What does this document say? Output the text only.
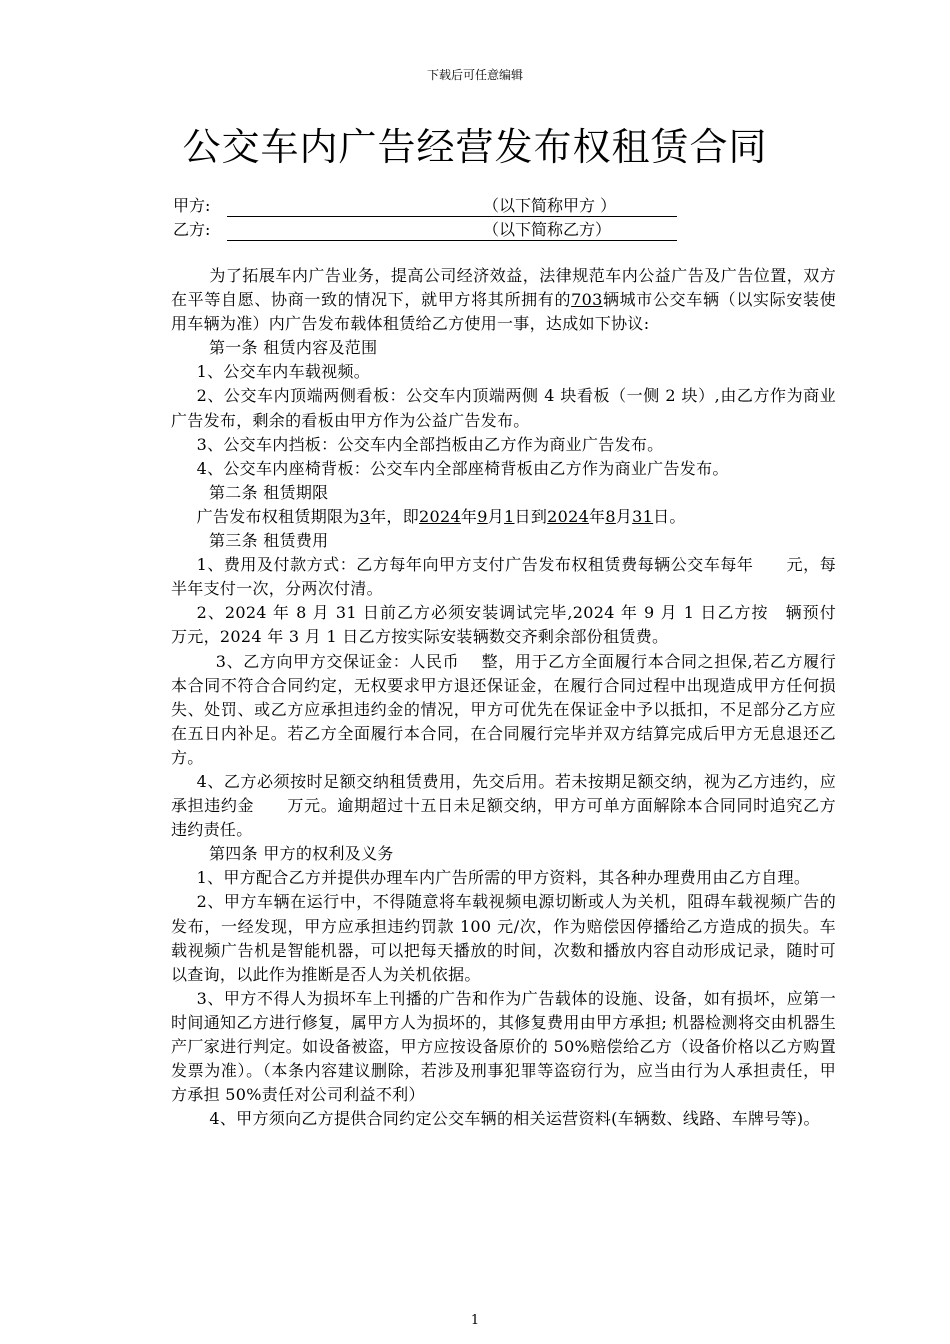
下载后可任意编辑
公交车内广告经营发布权租赁合同
甲方:	（以下简称甲方 ）
乙方:	（以下简称乙方）

为了拓展车内广告业务，提高公司经济效益，法律规范车内公益广告及广告位置，双方在平等自愿、协商一致的情况下，就甲方将其所拥有的703辆城市公交车辆（以实际安装使用车辆为准）内广告发布载体租赁给乙方使用一事，达成如下协议:

第一条 租赁内容及范围

1、公交车内车载视频。

2、公交车内顶端两侧看板：公交车内顶端两侧 4 块看板（一侧 2 块）,由乙方作为商业广告发布，剩余的看板由甲方作为公益广告发布。

3、公交车内挡板：公交车内全部挡板由乙方作为商业广告发布。

4、公交车内座椅背板：公交车内全部座椅背板由乙方作为商业广告发布。

第二条 租赁期限

广告发布权租赁期限为3年，即2024年9月1日到2024年8月31日。

第三条 租赁费用

1、费用及付款方式：乙方每年向甲方支付广告发布权租赁费每辆公交车每年　　元，每半年支付一次，分两次付清。

2、2024 年 8 月 31 日前乙方必须安装调试完毕,2024 年 9 月 1 日乙方按　辆预付　　万元，2024 年 3 月 1 日乙方按实际安装辆数交齐剩余部份租赁费。

3、乙方向甲方交保证金：人民币　 整，用于乙方全面履行本合同之担保,若乙方履行本合同不符合合同约定，无权要求甲方退还保证金，在履行合同过程中出现造成甲方任何损失、处罚、或乙方应承担违约金的情况，甲方可优先在保证金中予以抵扣，不足部分乙方应在五日内补足。若乙方全面履行本合同，在合同履行完毕并双方结算完成后甲方无息退还乙方。

4、乙方必须按时足额交纳租赁费用，先交后用。若未按期足额交纳，视为乙方违约，应承担违约金　　万元。逾期超过十五日未足额交纳，甲方可单方面解除本合同同时追究乙方违约责任。

第四条 甲方的权利及义务

1、甲方配合乙方并提供办理车内广告所需的甲方资料，其各种办理费用由乙方自理。

2、甲方车辆在运行中，不得随意将车载视频电源切断或人为关机，阻碍车载视频广告的发布，一经发现，甲方应承担违约罚款 100 元/次，作为赔偿因停播给乙方造成的损失。车载视频广告机是智能机器，可以把每天播放的时间，次数和播放内容自动形成记录，随时可以查询，以此作为推断是否人为关机依据。

3、甲方不得人为损坏车上刊播的广告和作为广告载体的设施、设备，如有损坏，应第一时间通知乙方进行修复，属甲方人为损坏的，其修复费用由甲方承担; 机器检测将交由机器生产厂家进行判定。如设备被盗，甲方应按设备原价的 50%赔偿给乙方（设备价格以乙方购置发票为准）。（本条内容建议删除，若涉及刑事犯罪等盗窃行为，应当由行为人承担责任，甲方承担 50%责任对公司利益不利）

4、甲方须向乙方提供合同约定公交车辆的相关运营资料(车辆数、线路、车牌号等)。

1
